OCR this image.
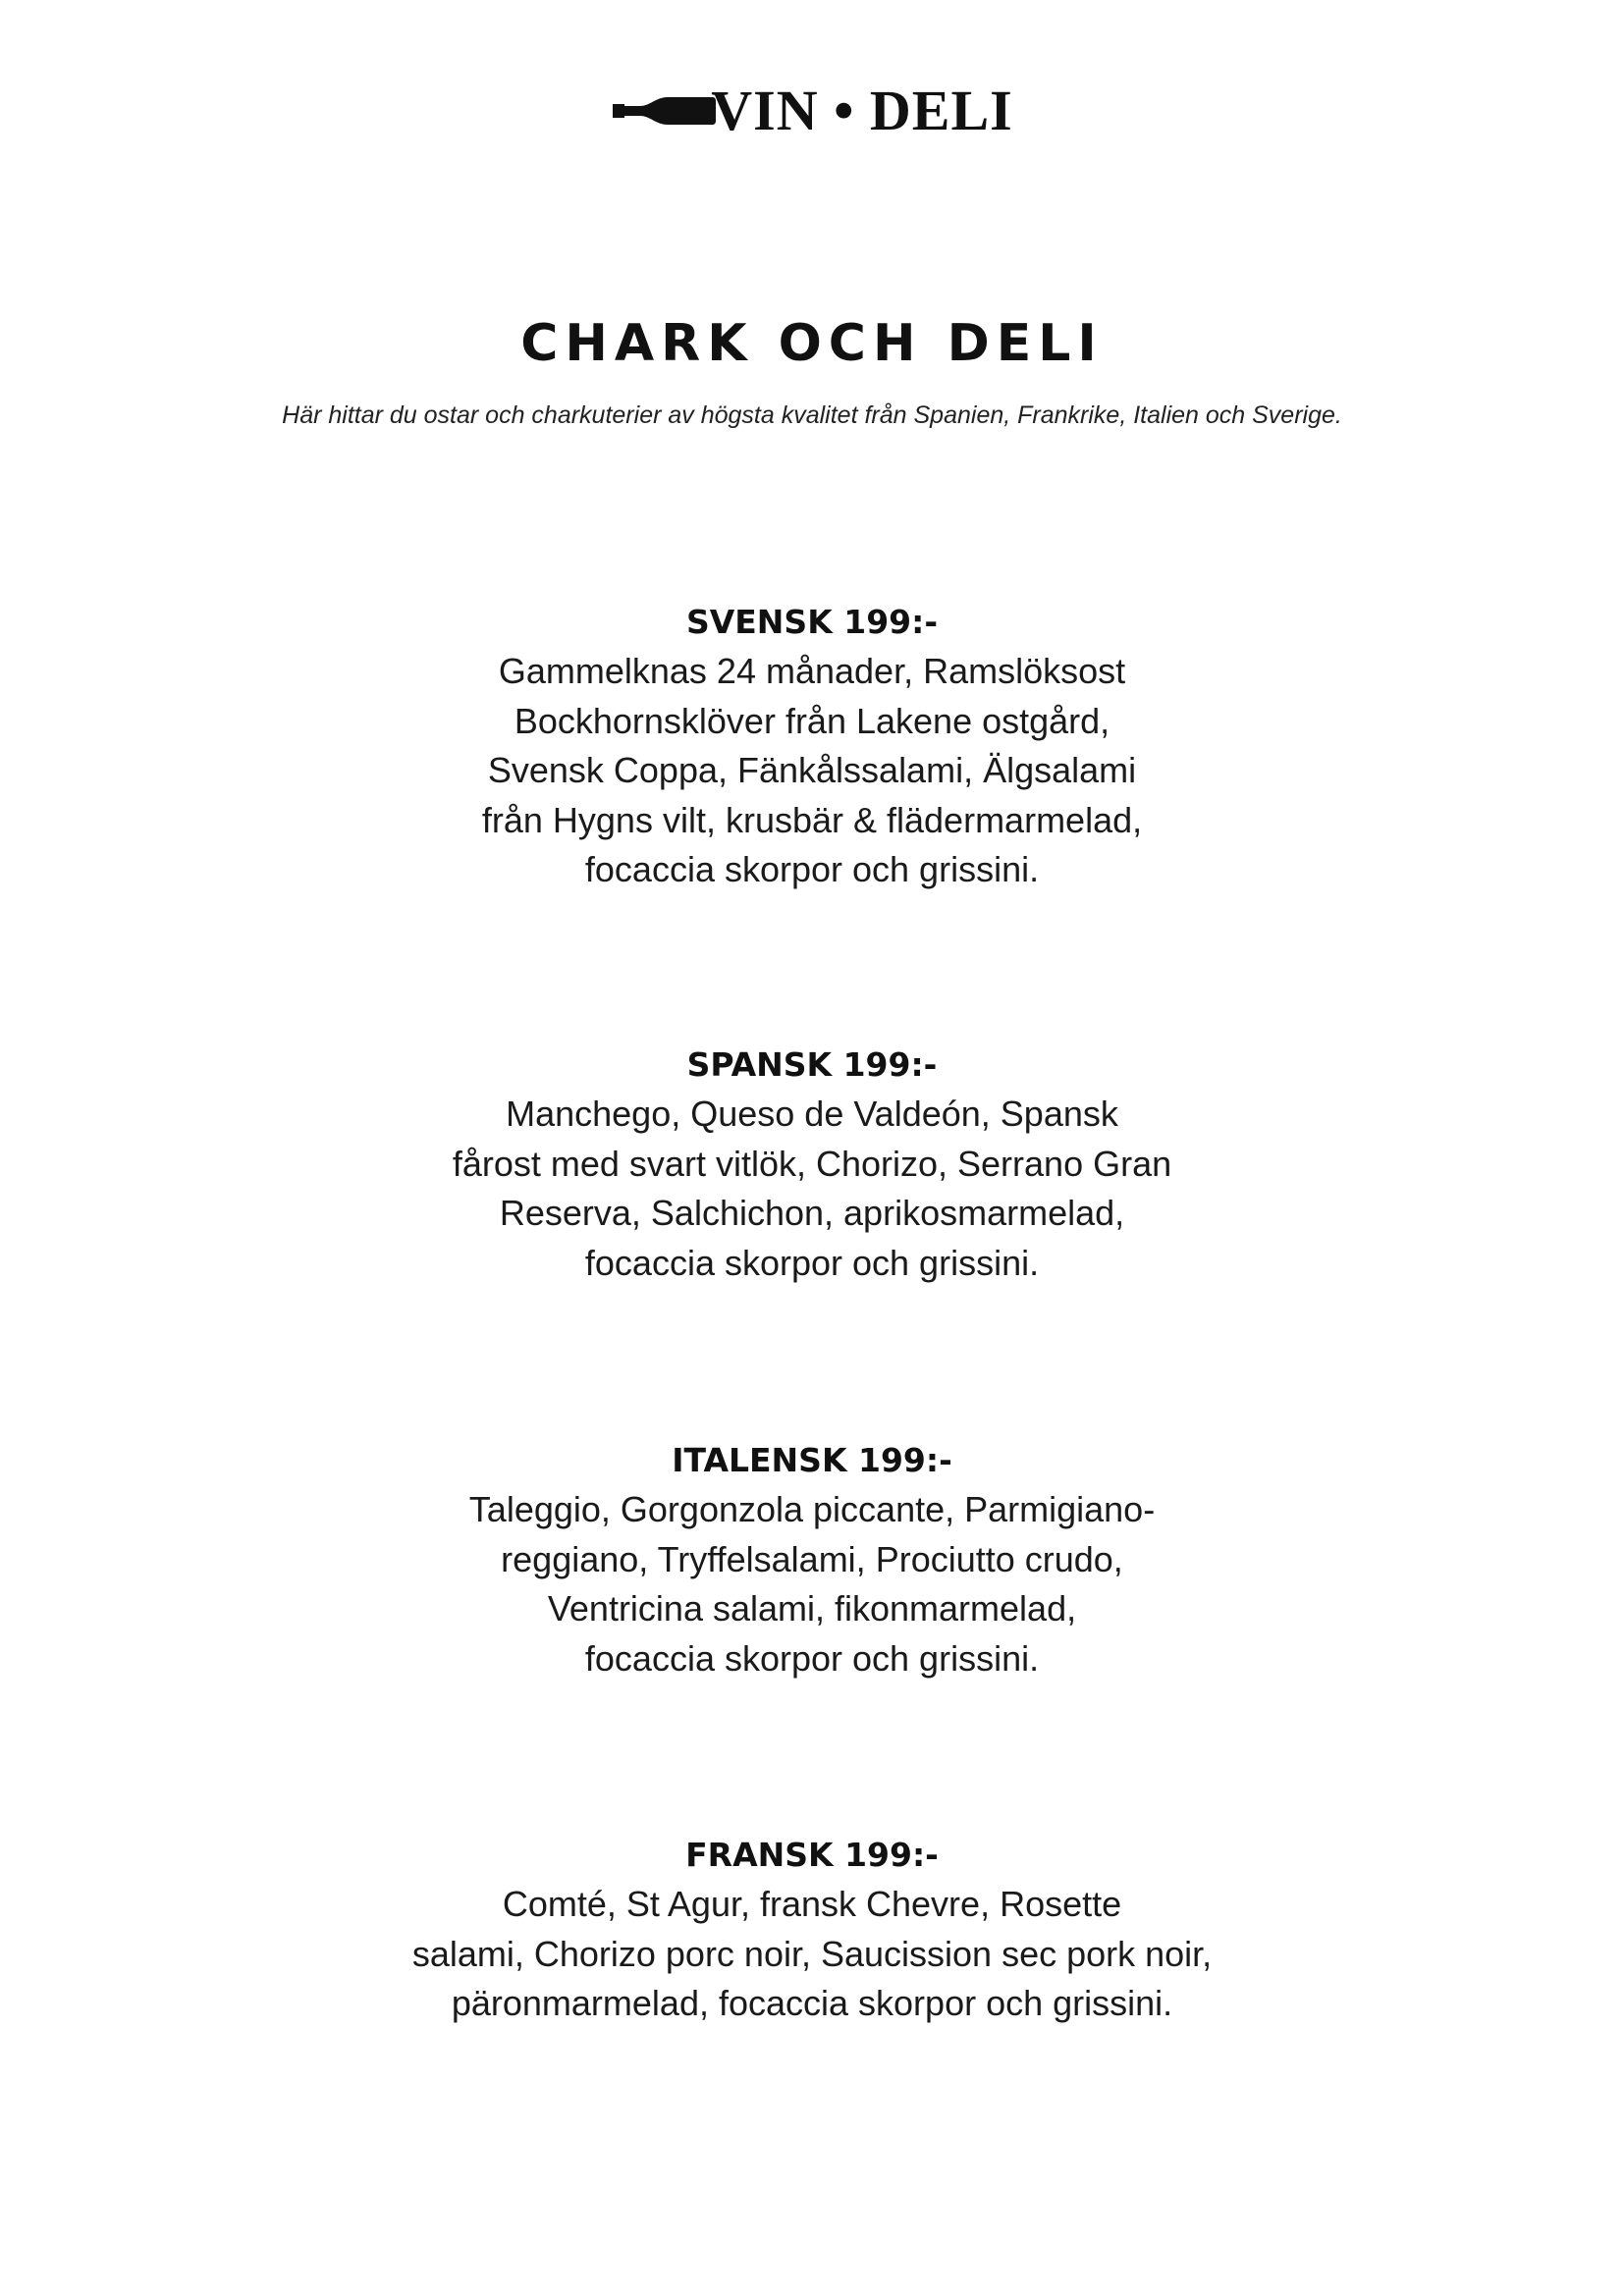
VIN • DELI
CHARK OCH DELI

Här hittar du ostar och charkuterier av högsta kvalitet från Spanien, Frankrike, Italien och Sverige.

SVENSK 199:-
Gammelknas 24 månader, Ramslöksost
Bockhornsklöver från Lakene ostgård,
Svensk Coppa, Fänkålssalami, Älgsalami
från Hygns vilt, krusbär & flädermarmelad,
focaccia skorpor och grissini.
SPANSK 199:-
Manchego, Queso de Valdeón, Spansk
fårost med svart vitlök, Chorizo, Serrano Gran
Reserva, Salchichon, aprikosmarmelad,
focaccia skorpor och grissini.
ITALENSK 199:-
Taleggio, Gorgonzola piccante, Parmigiano-
reggiano, Tryffelsalami, Prociutto crudo,
Ventricina salami, fikonmarmelad,
focaccia skorpor och grissini.
FRANSK 199:-
Comté, St Agur, fransk Chevre, Rosette
salami, Chorizo porc noir, Saucission sec pork noir,
päronmarmelad, focaccia skorpor och grissini.
